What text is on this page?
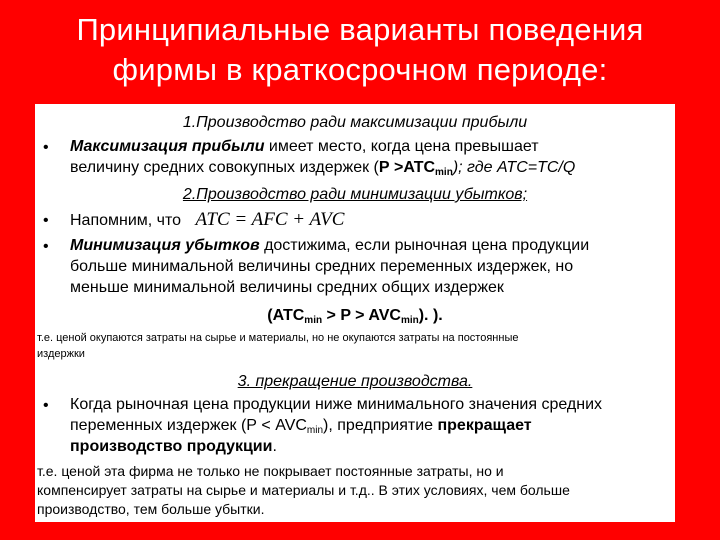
Принципиальные варианты поведения
фирмы в краткосрочном периоде:

1.Производство ради максимизации прибыли

• Максимизация прибыли имеет место, когда цена превышает
величину средних совокупных издержек $(Р >ATC_{min})$; где ATC=TC/Q

2.Производство ради минимизации убытков;

• Напомним, что ATC = AFC + AVC

• Минимизация убытков достижима, если рыночная цена продукции
больше минимальной величины средних переменных издержек, но
меньше минимальной величины средних общих издержек

$(ATC_{min} > P > AVC_{min})$. ).

т.е. ценой окупаются затраты на сырье и материалы, но не окупаются затраты на постоянные
издержки

3. прекращение производства.

• Когда рыночная цена продукции ниже минимального значения средних
переменных издержек $(Р < AVC_{min})$, предприятие прекращает
производство продукции.

т.е. ценой эта фирма не только не покрывает постоянные затраты, но и
компенсирует затраты на сырье и материалы и т.д.. В этих условиях, чем больше
производство, тем больше убытки.
